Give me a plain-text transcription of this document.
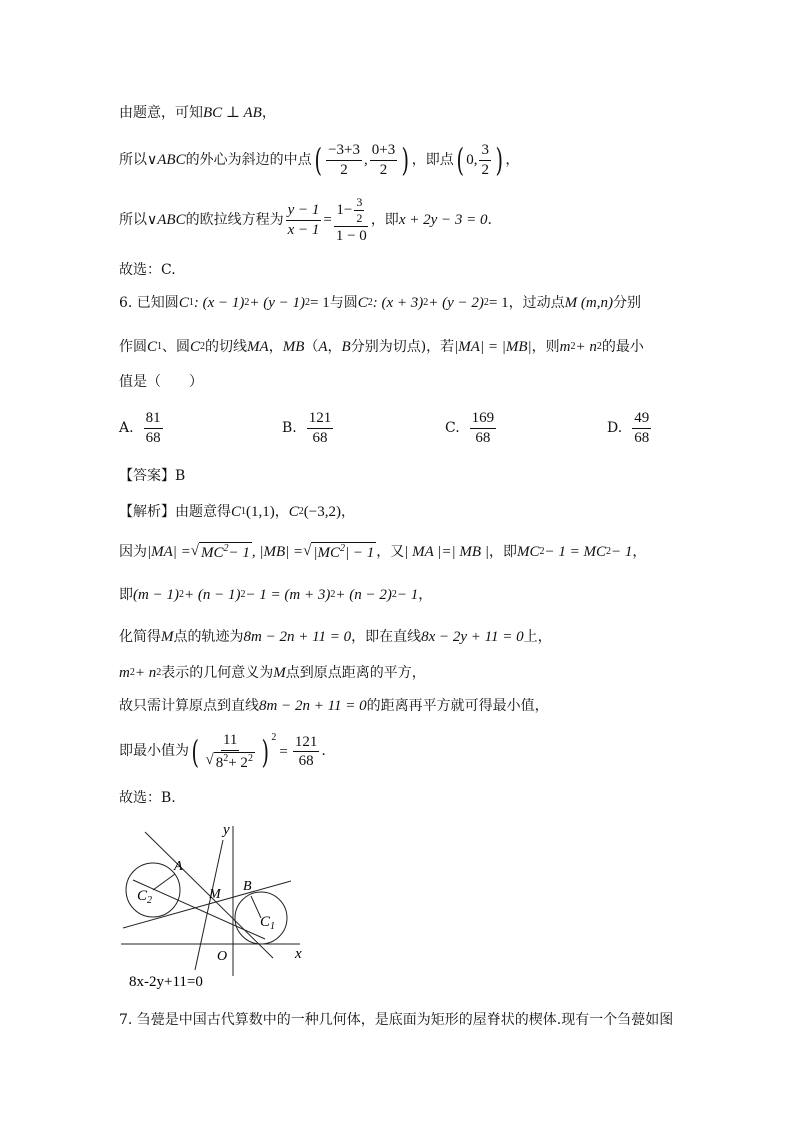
由题意，可知 BC ⊥ AB ，
所以∨ ABC 的外心为斜边的中点 ( $\frac{-3+3}{2}$ , $\frac{0+3}{2}$ ) ，即点 ( 0, $\frac{3}{2}$ ) ，
所以∨ ABC 的欧拉线方程为 $\frac{y - 1}{x - 1} = \frac{1- \frac{3}{2}}{1 - 0}$ ，即 x + 2y − 3 = 0 .
故选：C.
6. 已知圆 C 1 : (x − 1) 2 + (y − 1) 2 = 1 与圆 C 2 : (x + 3) 2 + (y − 2) 2 = 1 ，过动点 M (m,n) 分别
作圆 C 1 、圆 C 2 的切线 MA ， MB （ A ， B 分别为切点)，若 |MA| = |MB| ，则 m 2 + n 2 的最小
值是（　　）
A. $\frac{81}{68}$	B. $\frac{121}{68}$	C. $\frac{169}{68}$	D. $\frac{49}{68}$
【答案】B
【解析】由题意得 C 1 (1,1) ， C 2 (−3,2) ，
因为 |MA| = √ $MC^2- 1$ , |MB| = √ $|MC^2| - 1$ ，又 | MA |=| MB | ，即 MC 2 − 1 = MC 2 − 1 ，
即 (m − 1) 2 + (n − 1) 2 − 1 = (m + 3) 2 + (n − 2) 2 − 1 ，
化简得 M 点的轨迹为 8m − 2n + 11 = 0 ，即在直线 8x − 2y + 11 = 0 上，
m 2 + n 2 表示的几何意义为 M 点到原点距离的平方，
故只需计算原点到直线 8m − 2n + 11 = 0 的距离再平方就可得最小值，
即最小值为 ( $\frac{11}{√ 8^2+ 2^2}$ ) 2
= $\frac{121}{68}$ .
故选：B.
y
x
O
A
B
M
$C_2$
$C_1$
8x-2y+11=0
7. 刍甍是中国古代算数中的一种几何体，是底面为矩形的屋脊状的楔体.现有一个刍甍如图
